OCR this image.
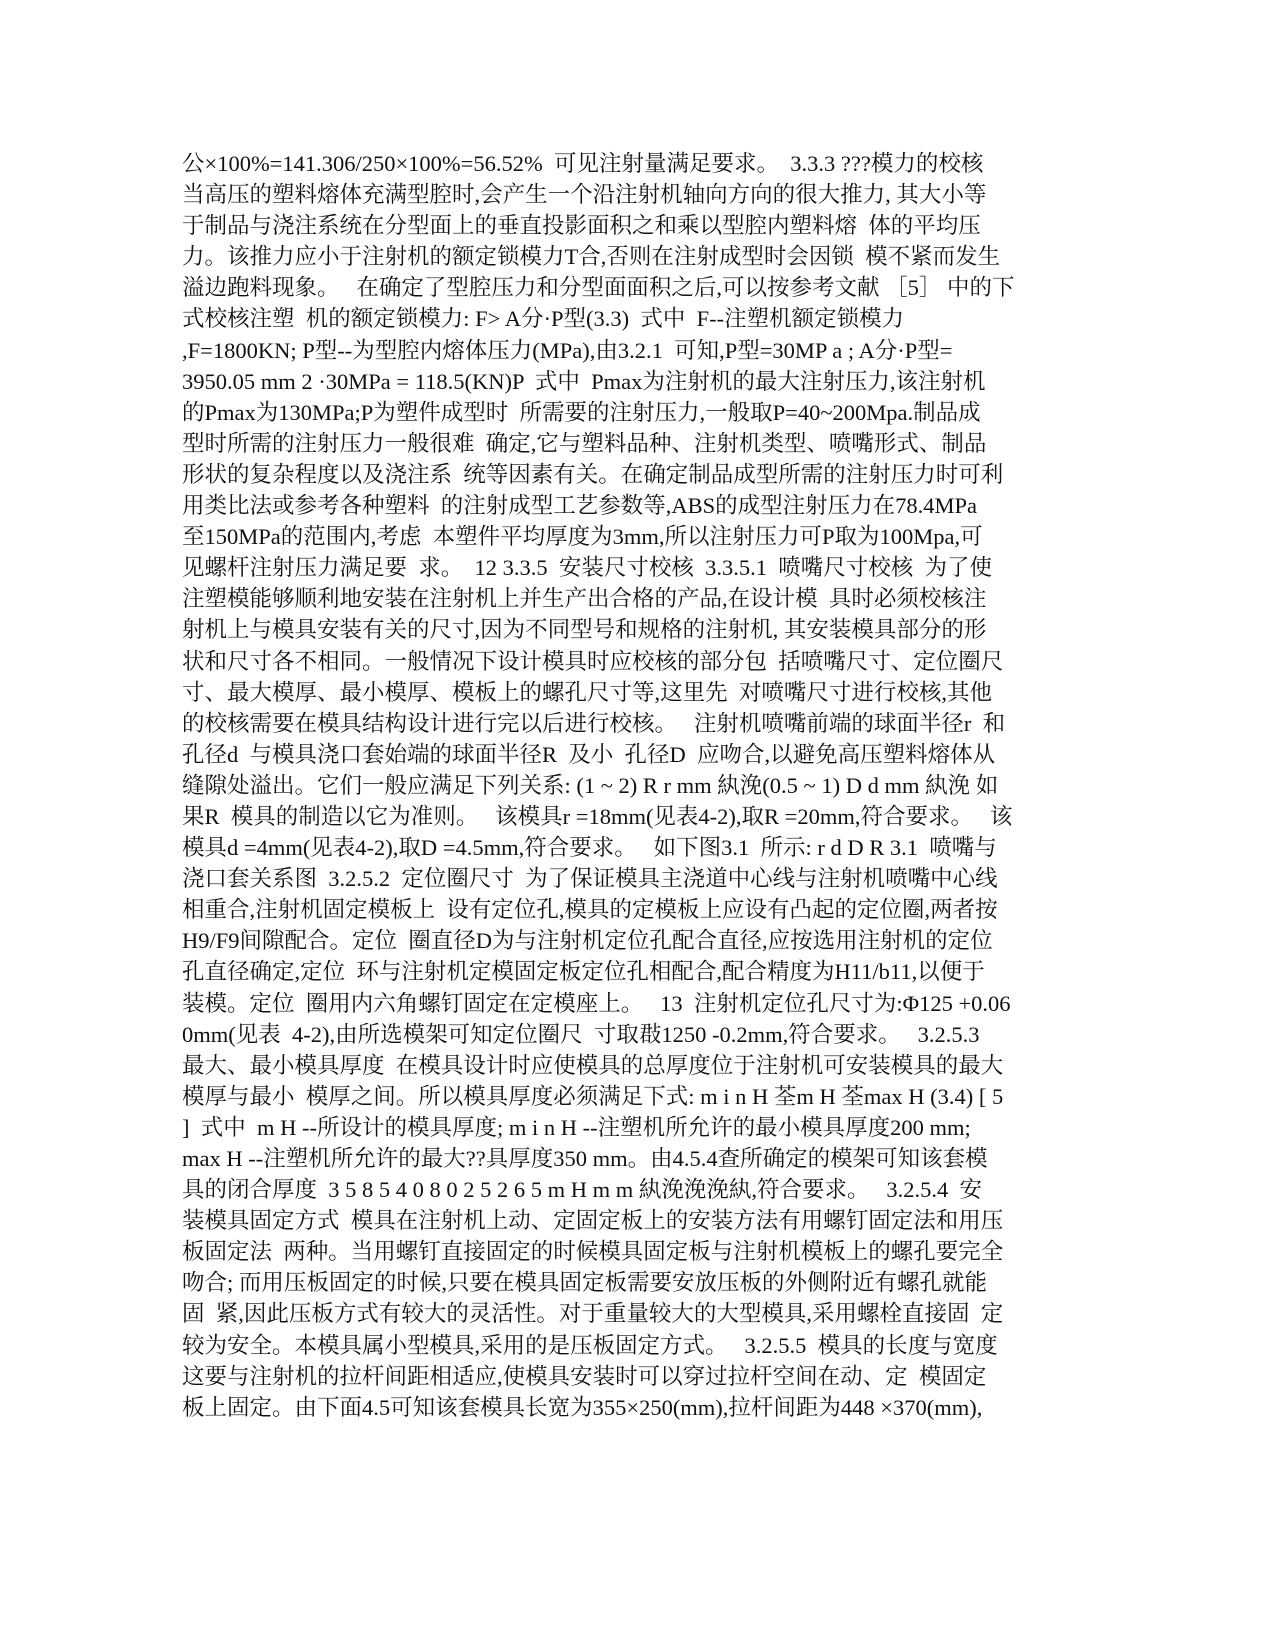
公×100%=141.306/250×100%=56.52%  可见注射量满足要求。  3.3.3 ???模力的校核
当高压的塑料熔体充满型腔时,会产生一个沿注射机轴向方向的很大推力, 其大小等
于制品与浇注系统在分型面上的垂直投影面积之和乘以型腔内塑料熔  体的平均压
力。该推力应小于注射机的额定锁模力T合,否则在注射成型时会因锁  模不紧而发生
溢边跑料现象。   在确定了型腔压力和分型面面积之后,可以按参考文献 ［5］ 中的下
式校核注塑  机的额定锁模力: F> A分·P型(3.3)  式中  F--注塑机额定锁模力
,F=1800KN; P型--为型腔内熔体压力(MPa),由3.2.1  可知,P型=30MP a ; A分·P型=
3950.05 mm 2 ·30MPa = 118.5(KN)P  式中  Pmax为注射机的最大注射压力,该注射机
的Pmax为130MPa;P为塑件成型时  所需要的注射压力,一般取P=40~200Mpa.制品成
型时所需的注射压力一般很难  确定,它与塑料品种、注射机类型、喷嘴形式、制品
形状的复杂程度以及浇注系  统等因素有关。在确定制品成型所需的注射压力时可利
用类比法或参考各种塑料  的注射成型工艺参数等,ABS的成型注射压力在78.4MPa
至150MPa的范围内,考虑  本塑件平均厚度为3mm,所以注射压力可P取为100Mpa,可
见螺杆注射压力满足要  求。  12 3.3.5  安装尺寸校核  3.3.5.1  喷嘴尺寸校核  为了使
注塑模能够顺利地安装在注射机上并生产出合格的产品,在设计模  具时必须校核注
射机上与模具安装有关的尺寸,因为不同型号和规格的注射机, 其安装模具部分的形
状和尺寸各不相同。一般情况下设计模具时应校核的部分包  括喷嘴尺寸、定位圈尺
寸、最大模厚、最小模厚、模板上的螺孔尺寸等,这里先  对喷嘴尺寸进行校核,其他
的校核需要在模具结构设计进行完以后进行校核。   注射机喷嘴前端的球面半径r  和
孔径d  与模具浇口套始端的球面半径R  及小  孔径D  应吻合,以避免高压塑料熔体从
缝隙处溢出。它们一般应满足下列关系: (1 ~ 2) R r mm 紈浼(0.5 ~ 1) D d mm 紈浼 如
果R  模具的制造以它为准则。   该模具r =18mm(见表4-2),取R =20mm,符合要求。   该
模具d =4mm(见表4-2),取D =4.5mm,符合要求。   如下图3.1  所示: r d D R 3.1  喷嘴与
浇口套关系图  3.2.5.2  定位圈尺寸  为了保证模具主浇道中心线与注射机喷嘴中心线
相重合,注射机固定模板上  设有定位孔,模具的定模板上应设有凸起的定位圈,两者按
H9/F9间隙配合。定位  圈直径D为与注射机定位孔配合直径,应按选用注射机的定位
孔直径确定,定位  环与注射机定模固定板定位孔相配合,配合精度为H11/b11,以便于
装模。定位  圈用内六角螺钉固定在定模座上。   13  注射机定位孔尺寸为:Φ125 +0.06
0mm(见表  4-2),由所选模架可知定位圈尺  寸取㪊1250 -0.2mm,符合要求。   3.2.5.3
最大、最小模具厚度  在模具设计时应使模具的总厚度位于注射机可安装模具的最大
模厚与最小  模厚之间。所以模具厚度必须满足下式: m i n H 荃m H 荃max H (3.4) [ 5
]  式中  m H --所设计的模具厚度; m i n H --注塑机所允许的最小模具厚度200 mm;
max H --注塑机所允许的最大??具厚度350 mm。由4.5.4查所确定的模架可知该套模
具的闭合厚度  3 5 8 5 4 0 8 0 2 5 2 6 5 m H m m 紈浼浼浼紈,符合要求。   3.2.5.4  安
装模具固定方式  模具在注射机上动、定固定板上的安装方法有用螺钉固定法和用压
板固定法  两种。当用螺钉直接固定的时候模具固定板与注射机模板上的螺孔要完全
吻合; 而用压板固定的时候,只要在模具固定板需要安放压板的外侧附近有螺孔就能
固  紧,因此压板方式有较大的灵活性。对于重量较大的大型模具,采用螺栓直接固  定
较为安全。本模具属小型模具,采用的是压板固定方式。   3.2.5.5  模具的长度与宽度
这要与注射机的拉杆间距相适应,使模具安装时可以穿过拉杆空间在动、定  模固定
板上固定。由下面4.5可知该套模具长宽为355×250(mm),拉杆间距为448 ×370(mm),
